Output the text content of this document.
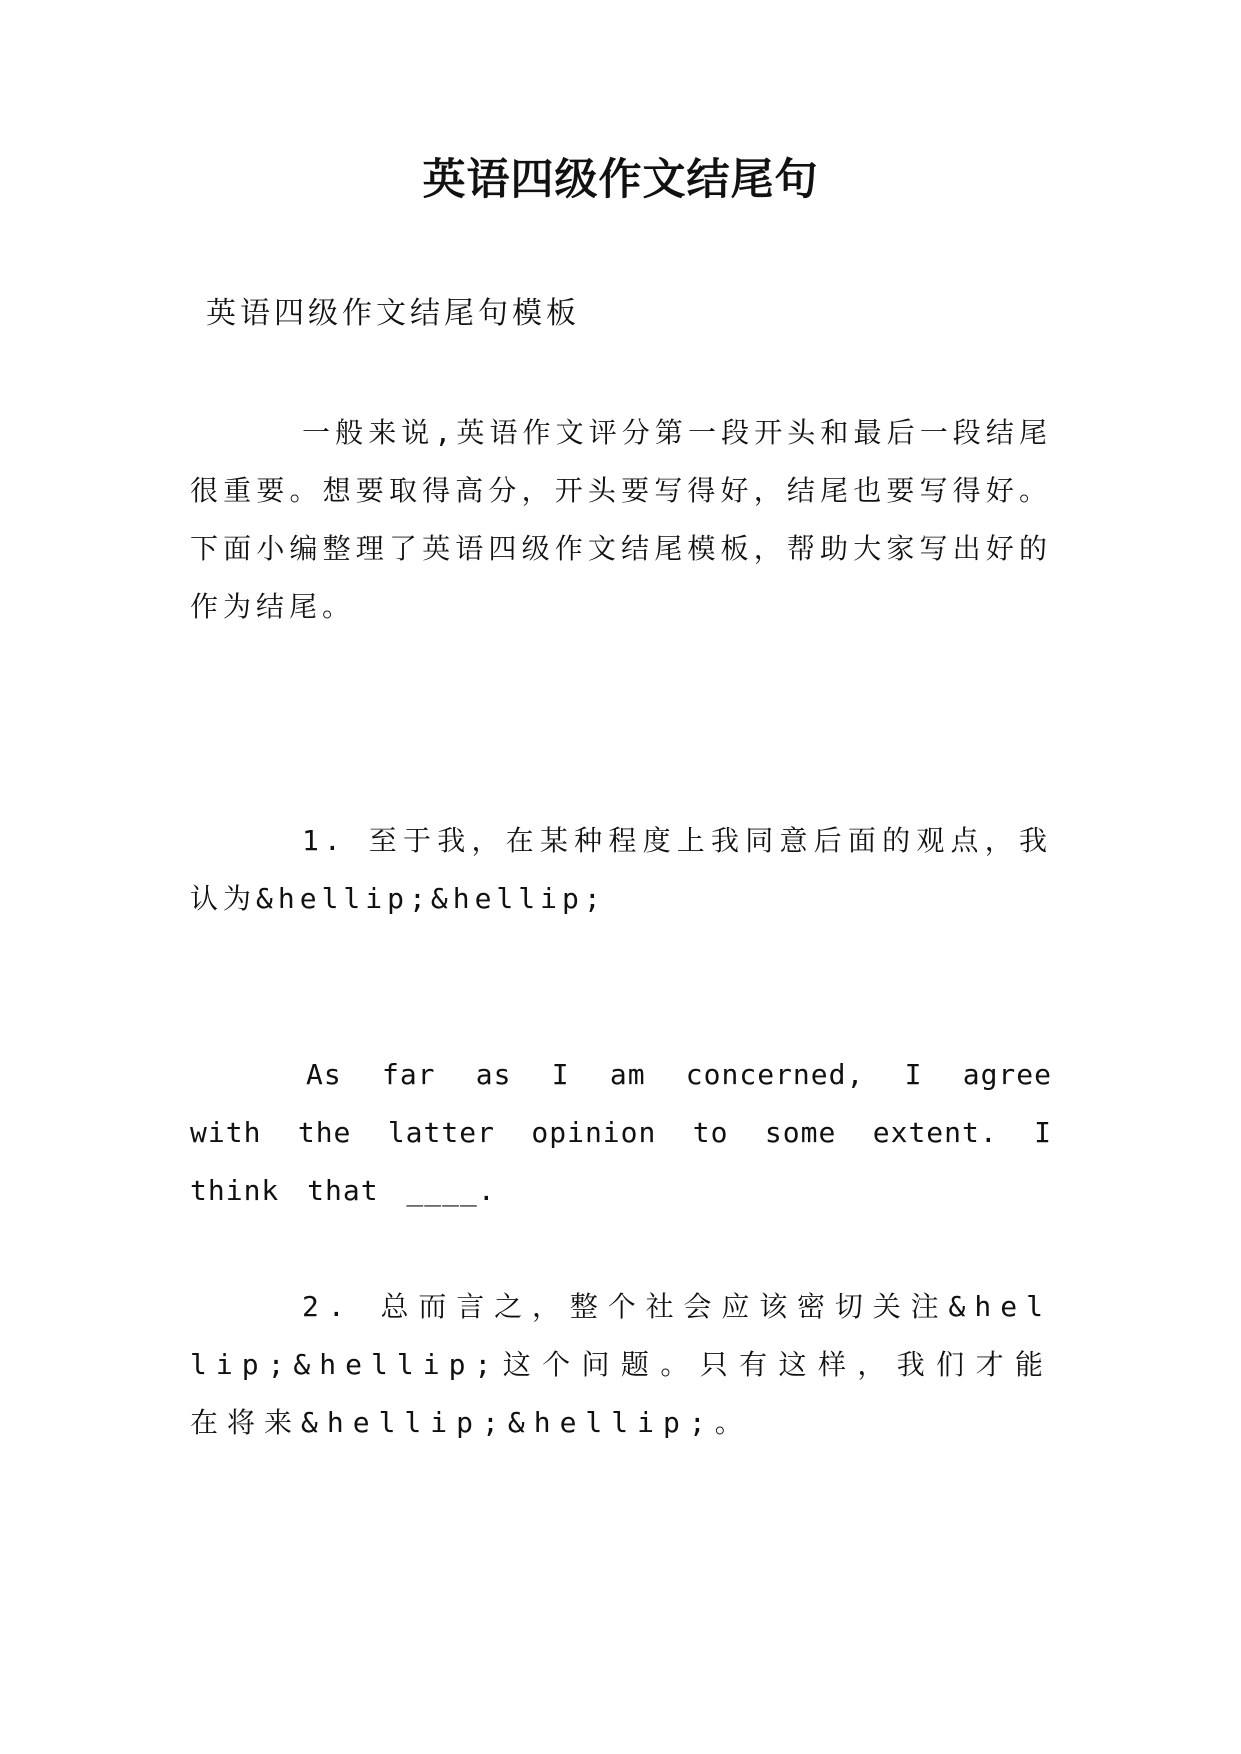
英语四级作文结尾句

英语四级作文结尾句模板

一般来说,英语作文评分第一段开头和最后一段结尾很重要。想要取得高分，开头要写得好，结尾也要写得好。下面小编整理了英语四级作文结尾模板，帮助大家写出好的作为结尾。

1. 至于我，在某种程度上我同意后面的观点，我认为&hellip;&hellip;

As far as I am concerned, I agree with the latter opinion to some extent. I think that ____.

2. 总而言之，整个社会应该密切关注&hellip;&hellip;这个问题。只有这样，我们才能在将来&hellip;&hellip;。
